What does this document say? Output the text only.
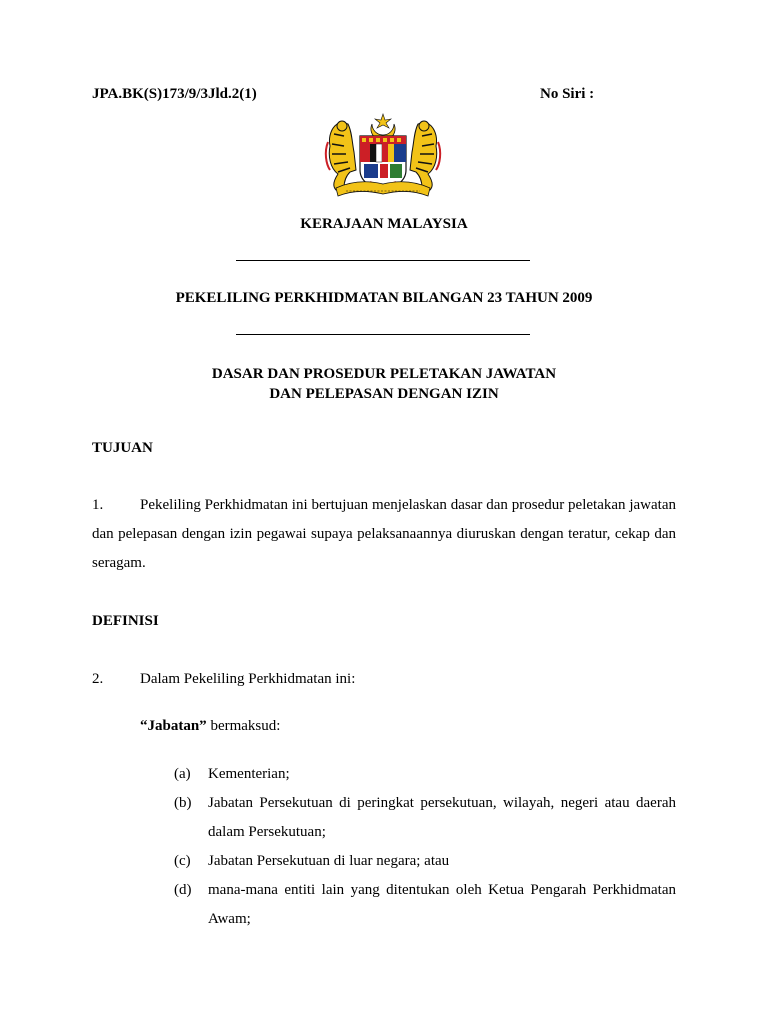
JPA.BK(S)173/9/3Jld.2(1)	No Siri :
KERAJAAN MALAYSIA
PEKELILING PERKHIDMATAN BILANGAN 23 TAHUN 2009
DASAR DAN PROSEDUR PELETAKAN JAWATAN
DAN PELEPASAN DENGAN IZIN
TUJUAN
1. Pekeliling Perkhidmatan ini bertujuan menjelaskan dasar dan prosedur peletakan jawatan dan pelepasan dengan izin pegawai supaya pelaksanaannya diuruskan dengan teratur, cekap dan seragam.
DEFINISI
2. Dalam Pekeliling Perkhidmatan ini:
“Jabatan” bermaksud:
(a) Kementerian;
(b) Jabatan Persekutuan di peringkat persekutuan, wilayah, negeri atau daerah dalam Persekutuan;
(c) Jabatan Persekutuan di luar negara; atau
(d) mana-mana entiti lain yang ditentukan oleh Ketua Pengarah Perkhidmatan Awam;
